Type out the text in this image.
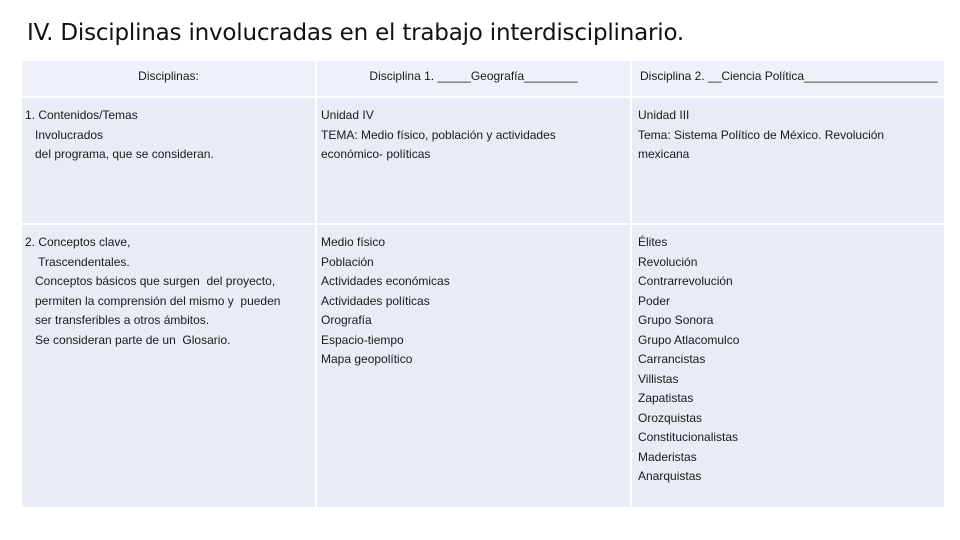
IV. Disciplinas involucradas en el trabajo interdisciplinario.
Disciplinas:	Disciplina 1. _____Geografía________	Disciplina 2. __Ciencia Política____________________
1. Contenidos/Temas
Involucrados
del programa, que se consideran.
Unidad IV
TEMA: Medio físico, población y actividades
económico- políticas
Unidad III
Tema: Sistema Político de México. Revolución
mexicana
2. Conceptos clave,
Trascendentales.
Conceptos básicos que surgen  del proyecto,
permiten la comprensión del mismo y  pueden
ser transferibles a otros ámbitos.
Se consideran parte de un  Glosario.
Medio físico
Población
Actividades económicas
Actividades políticas
Orografía
Espacio-tiempo
Mapa geopolítico
Élites
Revolución
Contrarrevolución
Poder
Grupo Sonora
Grupo Atlacomulco
Carrancistas
Villistas
Zapatistas
Orozquistas
Constitucionalistas
Maderistas
Anarquistas
